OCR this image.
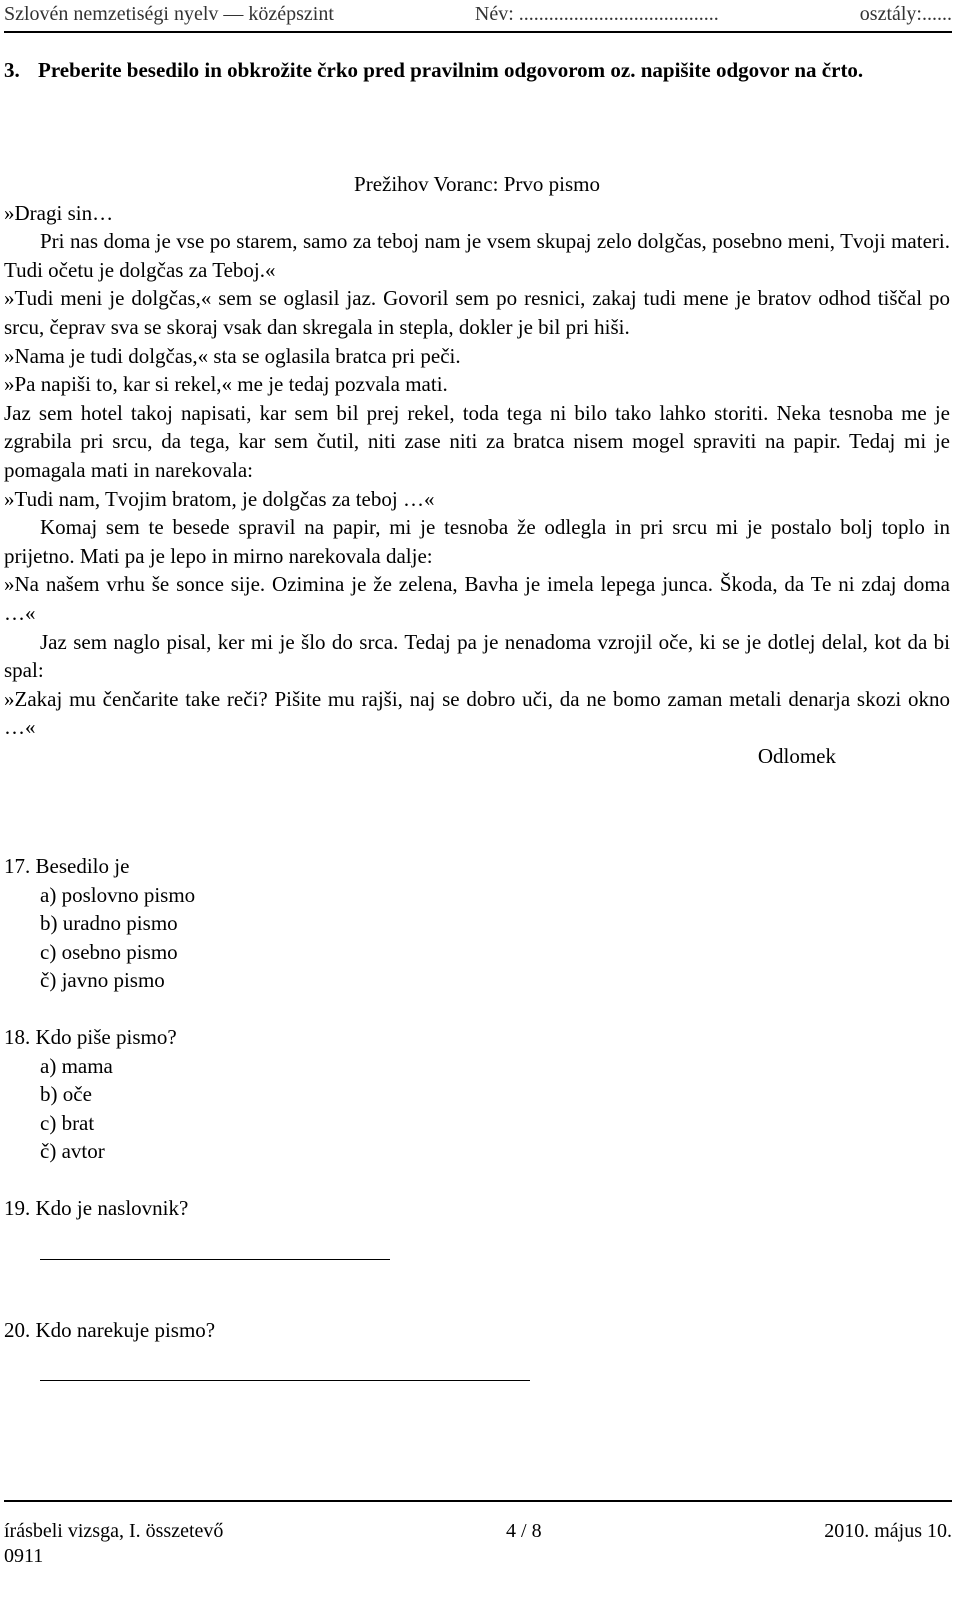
Szlovén nemzetiségi nyelv — középszint	Név: ........................................	osztály:......
3. Preberite besedilo in obkrožite črko pred pravilnim odgovorom oz. napišite odgovor na črto.

Prežihov Voranc: Prvo pismo

»Dragi sin…

Pri nas doma je vse po starem, samo za teboj nam je vsem skupaj zelo dolgčas, posebno meni, Tvoji materi. Tudi očetu je dolgčas za Teboj.«

»Tudi meni je dolgčas,« sem se oglasil jaz. Govoril sem po resnici, zakaj tudi mene je bratov odhod tiščal po srcu, čeprav sva se skoraj vsak dan skregala in stepla, dokler je bil pri hiši.

»Nama je tudi dolgčas,« sta se oglasila bratca pri peči.

»Pa napiši to, kar si rekel,« me je tedaj pozvala mati.

Jaz sem hotel takoj napisati, kar sem bil prej rekel, toda tega ni bilo tako lahko storiti. Neka tesnoba me je zgrabila pri srcu, da tega, kar sem čutil, niti zase niti za bratca nisem mogel spraviti na papir. Tedaj mi je pomagala mati in narekovala:

»Tudi nam, Tvojim bratom, je dolgčas za teboj …«

Komaj sem te besede spravil na papir, mi je tesnoba že odlegla in pri srcu mi je postalo bolj toplo in prijetno. Mati pa je lepo in mirno narekovala dalje:

»Na našem vrhu še sonce sije. Ozimina je že zelena, Bavha je imela lepega junca. Škoda, da Te ni zdaj doma …«

Jaz sem naglo pisal, ker mi je šlo do srca. Tedaj pa je nenadoma vzrojil oče, ki se je dotlej delal, kot da bi spal:

»Zakaj mu čenčarite take reči? Pišite mu rajši, naj se dobro uči, da ne bomo zaman metali denarja skozi okno …«

Odlomek

17. Besedilo je

a) poslovno pismo

b) uradno pismo

c) osebno pismo

č) javno pismo

18. Kdo piše pismo?

a) mama

b) oče

c) brat

č) avtor

19. Kdo je naslovnik?

20. Kdo narekuje pismo?

írásbeli vizsga, I. összetevő	4 / 8	2010. május 10.
0911
